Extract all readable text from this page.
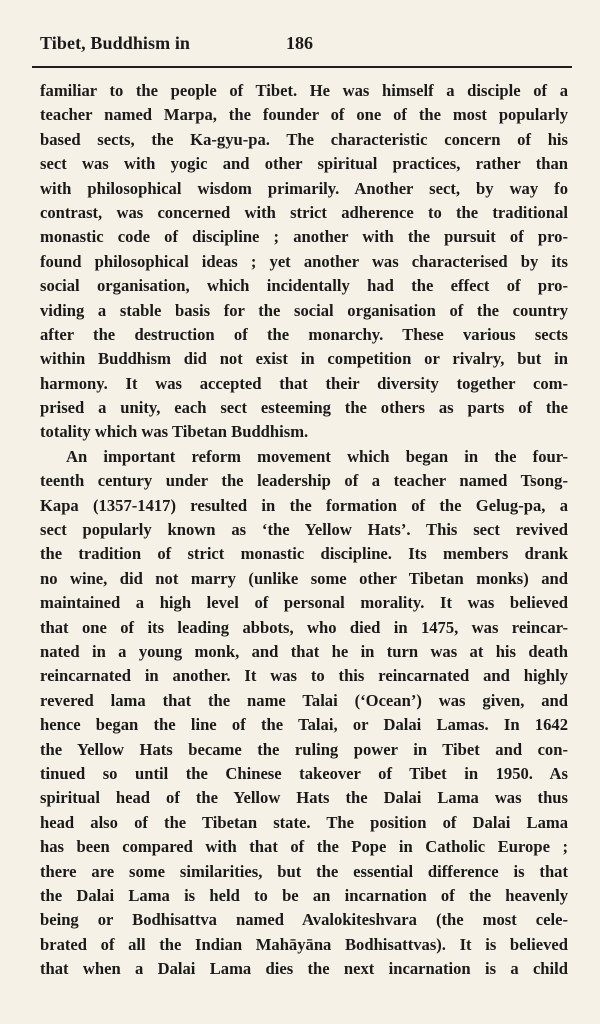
Tibet, Buddhism in	186
familiar to the people of Tibet. He was himself a disciple of a
teacher named Marpa, the founder of one of the most popularly
based sects, the Ka-gyu-pa. The characteristic concern of his
sect was with yogic and other spiritual practices, rather than
with philosophical wisdom primarily. Another sect, by way fo
contrast, was concerned with strict adherence to the traditional
monastic code of discipline ; another with the pursuit of pro-
found philosophical ideas ; yet another was characterised by its
social organisation, which incidentally had the effect of pro-
viding a stable basis for the social organisation of the country
after the destruction of the monarchy. These various sects
within Buddhism did not exist in competition or rivalry, but in
harmony. It was accepted that their diversity together com-
prised a unity, each sect esteeming the others as parts of the
totality which was Tibetan Buddhism.
An important reform movement which began in the four-
teenth century under the leadership of a teacher named Tsong-
Kapa (1357-1417) resulted in the formation of the Gelug-pa, a
sect popularly known as ‘the Yellow Hats’. This sect revived
the tradition of strict monastic discipline. Its members drank
no wine, did not marry (unlike some other Tibetan monks) and
maintained a high level of personal morality. It was believed
that one of its leading abbots, who died in 1475, was reincar-
nated in a young monk, and that he in turn was at his death
reincarnated in another. It was to this reincarnated and highly
revered lama that the name Talai (‘Ocean’) was given, and
hence began the line of the Talai, or Dalai Lamas. In 1642
the Yellow Hats became the ruling power in Tibet and con-
tinued so until the Chinese takeover of Tibet in 1950. As
spiritual head of the Yellow Hats the Dalai Lama was thus
head also of the Tibetan state. The position of Dalai Lama
has been compared with that of the Pope in Catholic Europe ;
there are some similarities, but the essential difference is that
the Dalai Lama is held to be an incarnation of the heavenly
being or Bodhisattva named Avalokiteshvara (the most cele-
brated of all the Indian Mahāyāna Bodhisattvas). It is believed
that when a Dalai Lama dies the next incarnation is a child
